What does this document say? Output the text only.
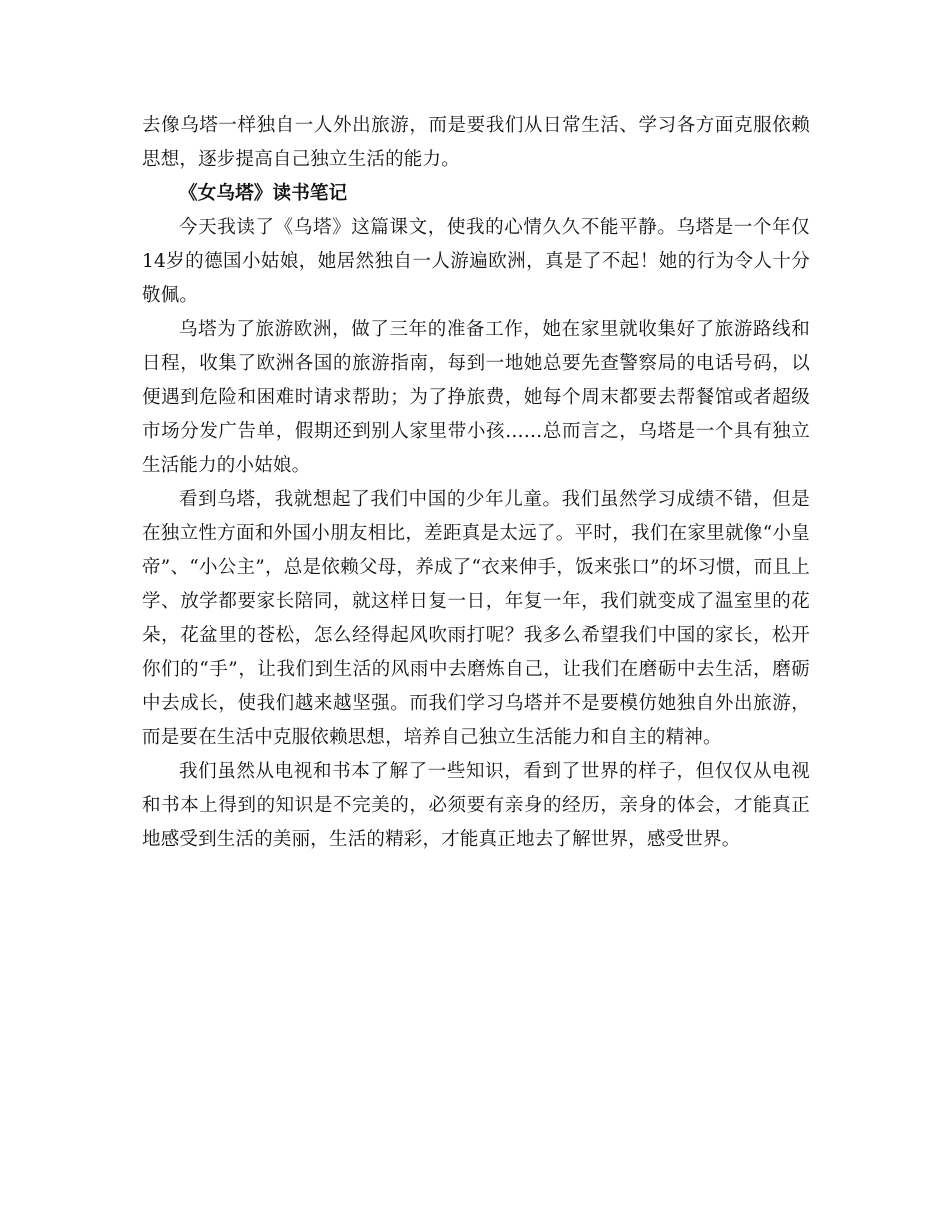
去像乌塔一样独自一人外出旅游，而是要我们从日常生活、学习各方面克服依赖思想，逐步提高自己独立生活的能力。

《女乌塔》读书笔记

今天我读了《乌塔》这篇课文，使我的心情久久不能平静。乌塔是一个年仅14岁的德国小姑娘，她居然独自一人游遍欧洲，真是了不起！她的行为令人十分敬佩。

乌塔为了旅游欧洲，做了三年的准备工作，她在家里就收集好了旅游路线和日程，收集了欧洲各国的旅游指南，每到一地她总要先查警察局的电话号码，以便遇到危险和困难时请求帮助；为了挣旅费，她每个周末都要去帮餐馆或者超级市场分发广告单，假期还到别人家里带小孩……总而言之，乌塔是一个具有独立生活能力的小姑娘。

看到乌塔，我就想起了我们中国的少年儿童。我们虽然学习成绩不错，但是在独立性方面和外国小朋友相比，差距真是太远了。平时，我们在家里就像“小皇帝”、“小公主”，总是依赖父母，养成了“衣来伸手，饭来张口”的坏习惯，而且上学、放学都要家长陪同，就这样日复一日，年复一年，我们就变成了温室里的花朵，花盆里的苍松，怎么经得起风吹雨打呢？我多么希望我们中国的家长，松开你们的“手”，让我们到生活的风雨中去磨炼自己，让我们在磨砺中去生活，磨砺中去成长，使我们越来越坚强。而我们学习乌塔并不是要模仿她独自外出旅游，而是要在生活中克服依赖思想，培养自己独立生活能力和自主的精神。

我们虽然从电视和书本了解了一些知识，看到了世界的样子，但仅仅从电视和书本上得到的知识是不完美的，必须要有亲身的经历，亲身的体会，才能真正地感受到生活的美丽，生活的精彩，才能真正地去了解世界，感受世界。
